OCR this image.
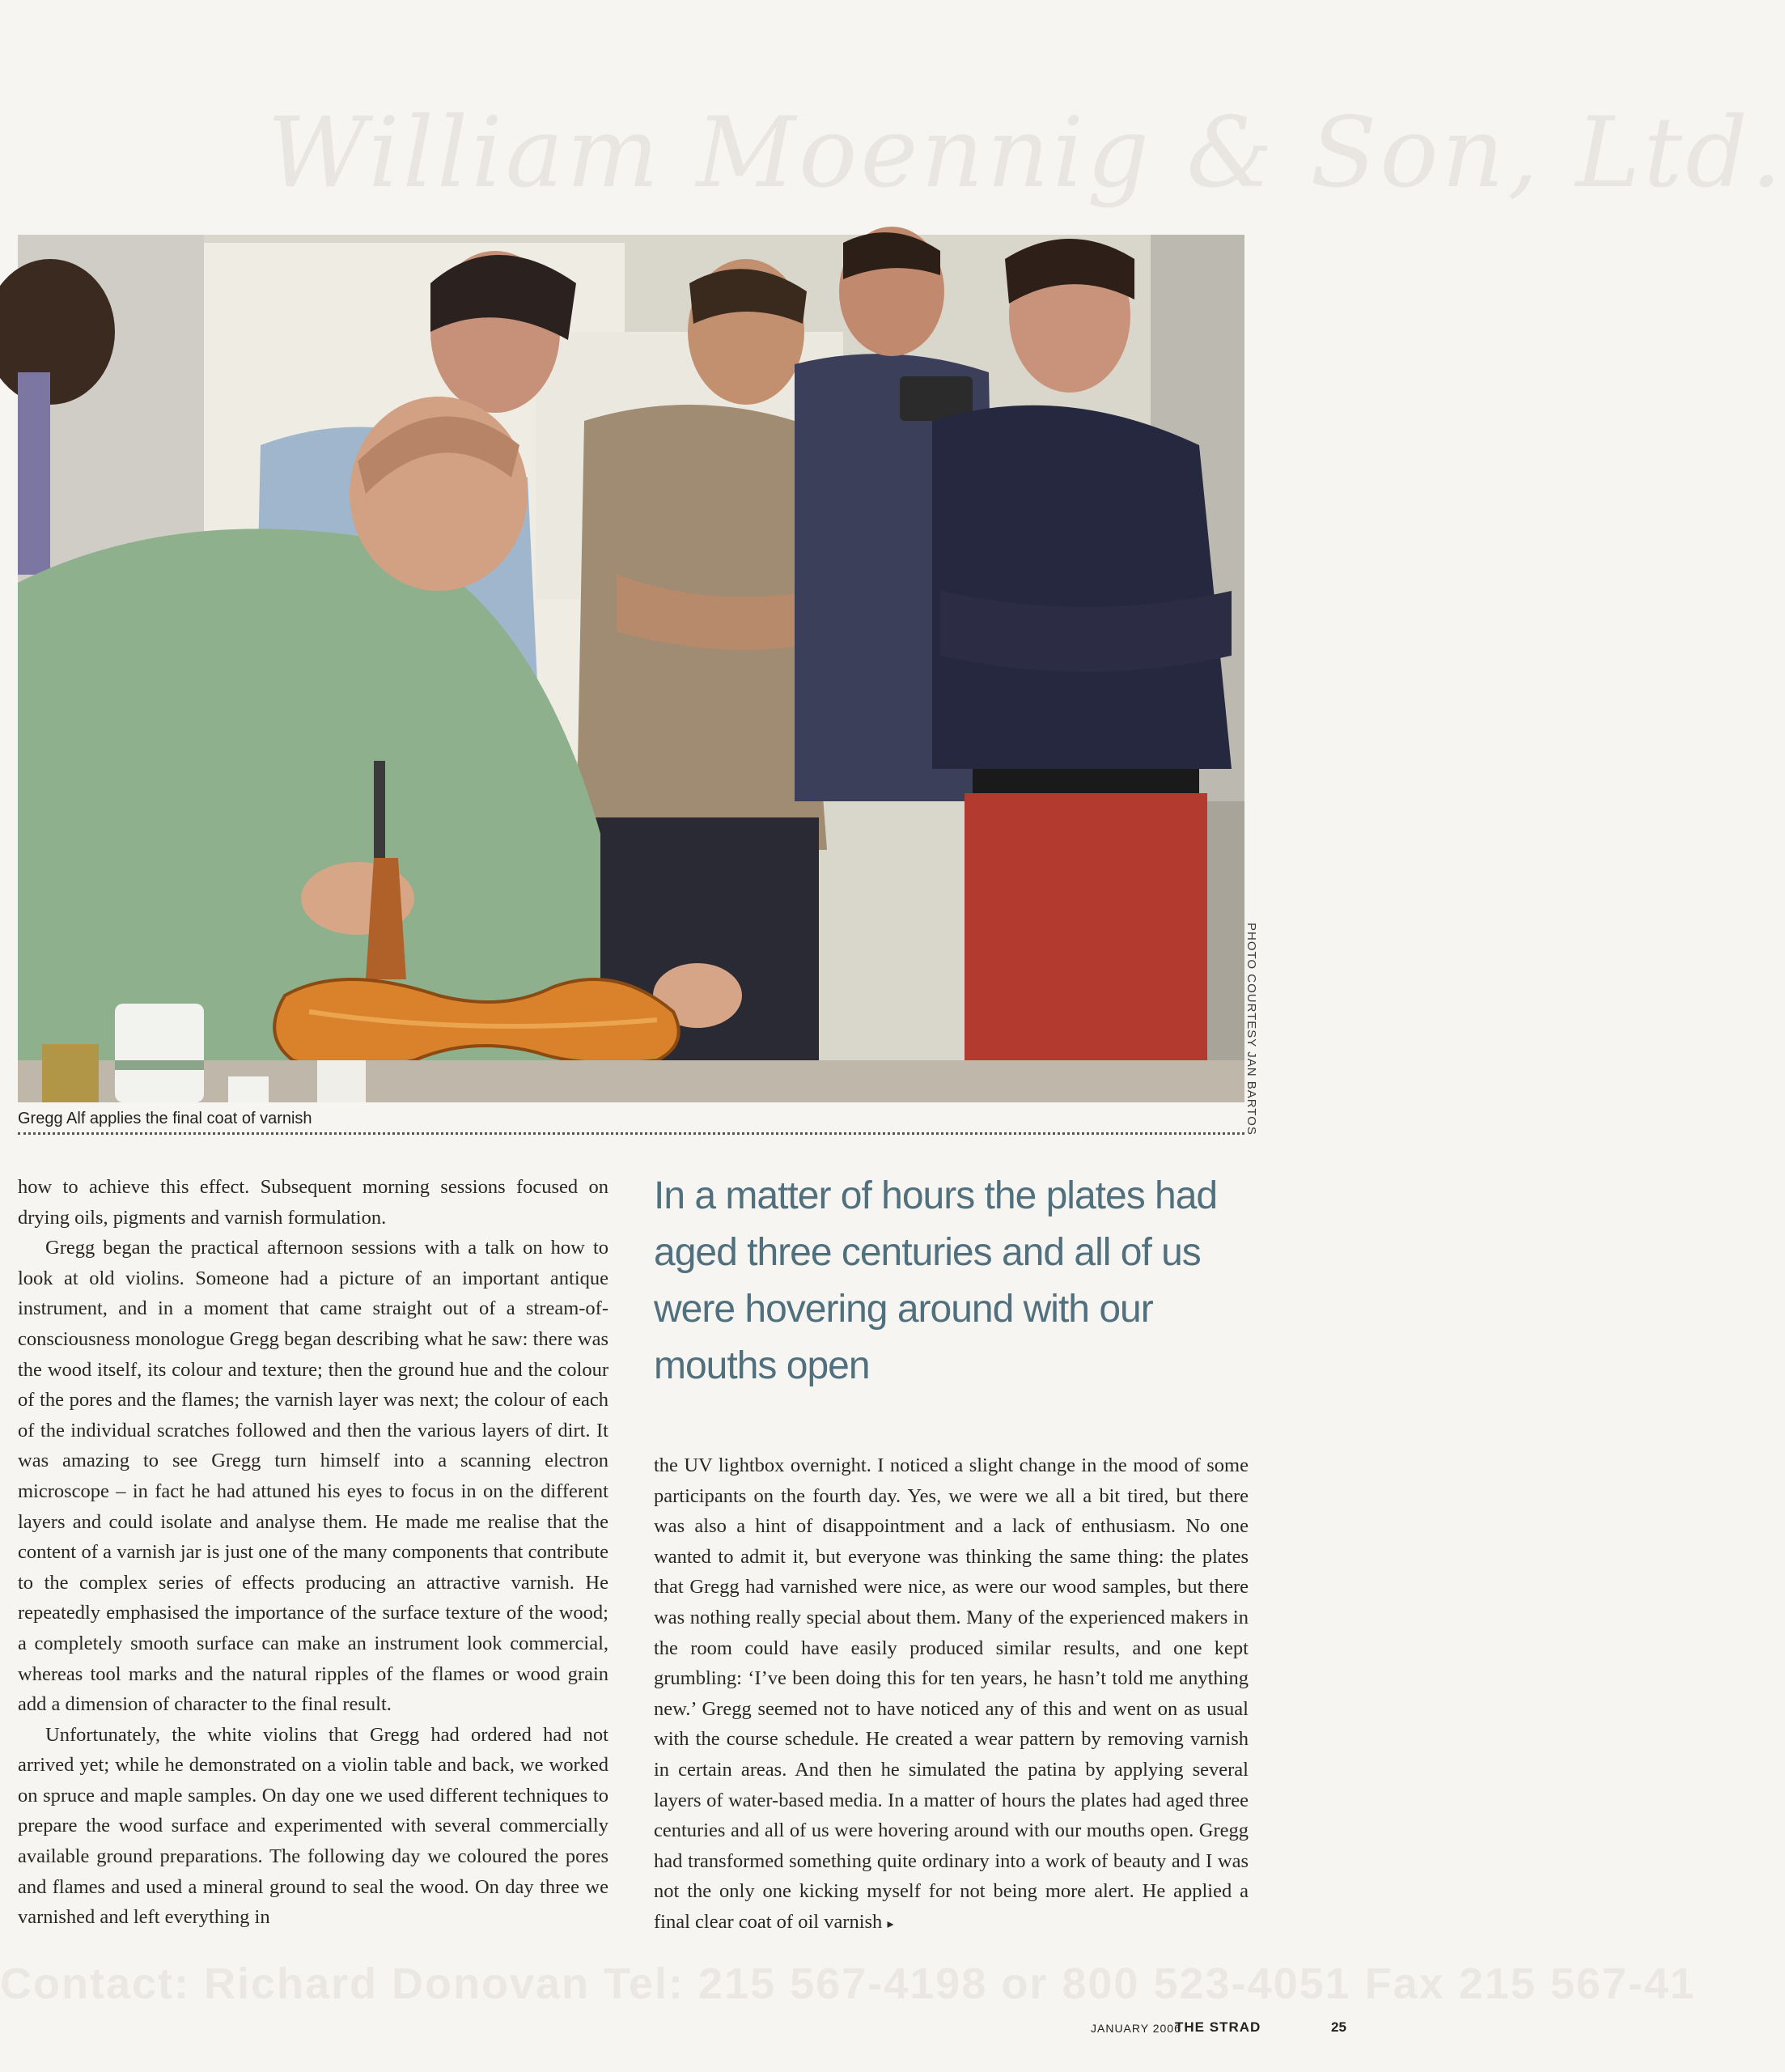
William Moennig & Son, Ltd.
PHOTO COURTESY JAN BARTOS
Gregg Alf applies the final coat of varnish

how to achieve this effect. Subsequent morning sessions focused on drying oils, pigments and varnish formulation.

Gregg began the practical afternoon sessions with a talk on how to look at old violins. Someone had a picture of an important antique instrument, and in a moment that came straight out of a stream-of-consciousness monologue Gregg began describing what he saw: there was the wood itself, its colour and texture; then the ground hue and the colour of the pores and the flames; the varnish layer was next; the colour of each of the individual scratches followed and then the various layers of dirt. It was amazing to see Gregg turn himself into a scanning electron microscope – in fact he had attuned his eyes to focus in on the different layers and could isolate and analyse them. He made me realise that the content of a varnish jar is just one of the many components that contribute to the complex series of effects producing an attractive varnish. He repeatedly emphasised the importance of the surface texture of the wood; a completely smooth surface can make an instrument look commercial, whereas tool marks and the natural ripples of the flames or wood grain add a dimension of character to the final result.

Unfortunately, the white violins that Gregg had ordered had not arrived yet; while he demonstrated on a violin table and back, we worked on spruce and maple samples. On day one we used different techniques to prepare the wood surface and experimented with several commercially available ground preparations. The following day we coloured the pores and flames and used a mineral ground to seal the wood. On day three we varnished and left everything in

In a matter of hours the plates had aged three centuries and all of us were hovering around with our mouths open

the UV lightbox overnight. I noticed a slight change in the mood of some participants on the fourth day. Yes, we were we all a bit tired, but there was also a hint of disappointment and a lack of enthusiasm. No one wanted to admit it, but everyone was thinking the same thing: the plates that Gregg had varnished were nice, as were our wood samples, but there was nothing really special about them. Many of the experienced makers in the room could have easily produced similar results, and one kept grumbling: ‘I’ve been doing this for ten years, he hasn’t told me anything new.’ Gregg seemed not to have noticed any of this and went on as usual with the course schedule. He created a wear pattern by removing varnish in certain areas. And then he simulated the patina by applying several layers of water-based media. In a matter of hours the plates had aged three centuries and all of us were hovering around with our mouths open. Gregg had transformed something quite ordinary into a work of beauty and I was not the only one kicking myself for not being more alert. He applied a final clear coat of oil varnish ▸

Contact: Richard Donovan Tel: 215 567-4198 or 800 523-4051 Fax 215 567-41
JANUARY 2006
THE STRAD	25
